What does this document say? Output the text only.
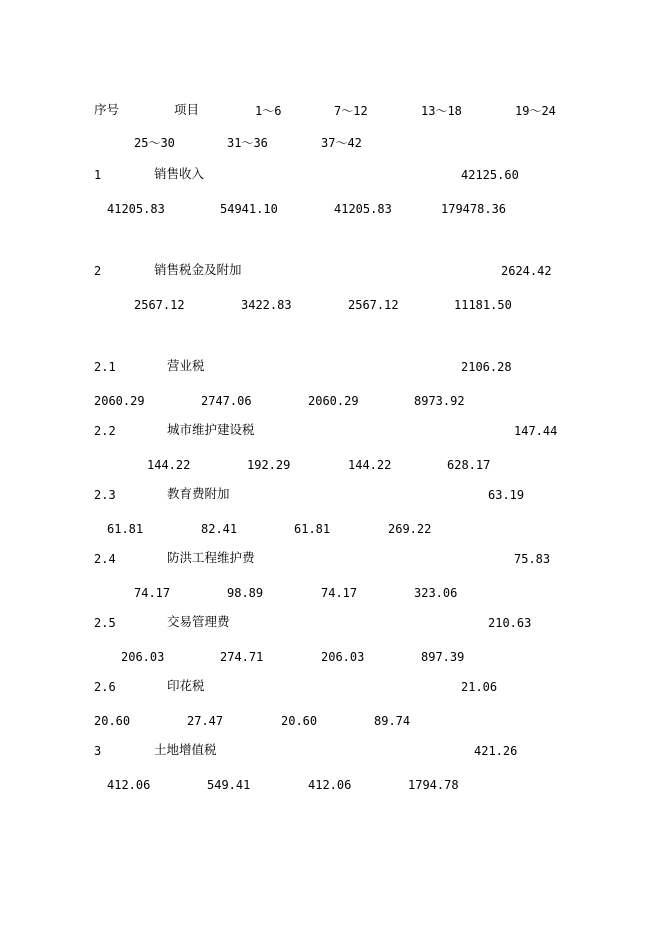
序号	项目	1～6	7～12	13～18	19～24
25～30	31～36	37～42
1	销售收入	42125.60
41205.83	54941.10	41205.83	179478.36
2	销售税金及附加	2624.42
2567.12	3422.83	2567.12	11181.50
2.1	营业税	2106.28
2060.29	2747.06	2060.29	8973.92
2.2	城市维护建设税	147.44
144.22	192.29	144.22	628.17
2.3	教育费附加	63.19
61.81	82.41	61.81	269.22
2.4	防洪工程维护费	75.83
74.17	98.89	74.17	323.06
2.5	交易管理费	210.63
206.03	274.71	206.03	897.39
2.6	印花税	21.06
20.60	27.47	20.60	89.74
3	土地增值税	421.26
412.06	549.41	412.06	1794.78
